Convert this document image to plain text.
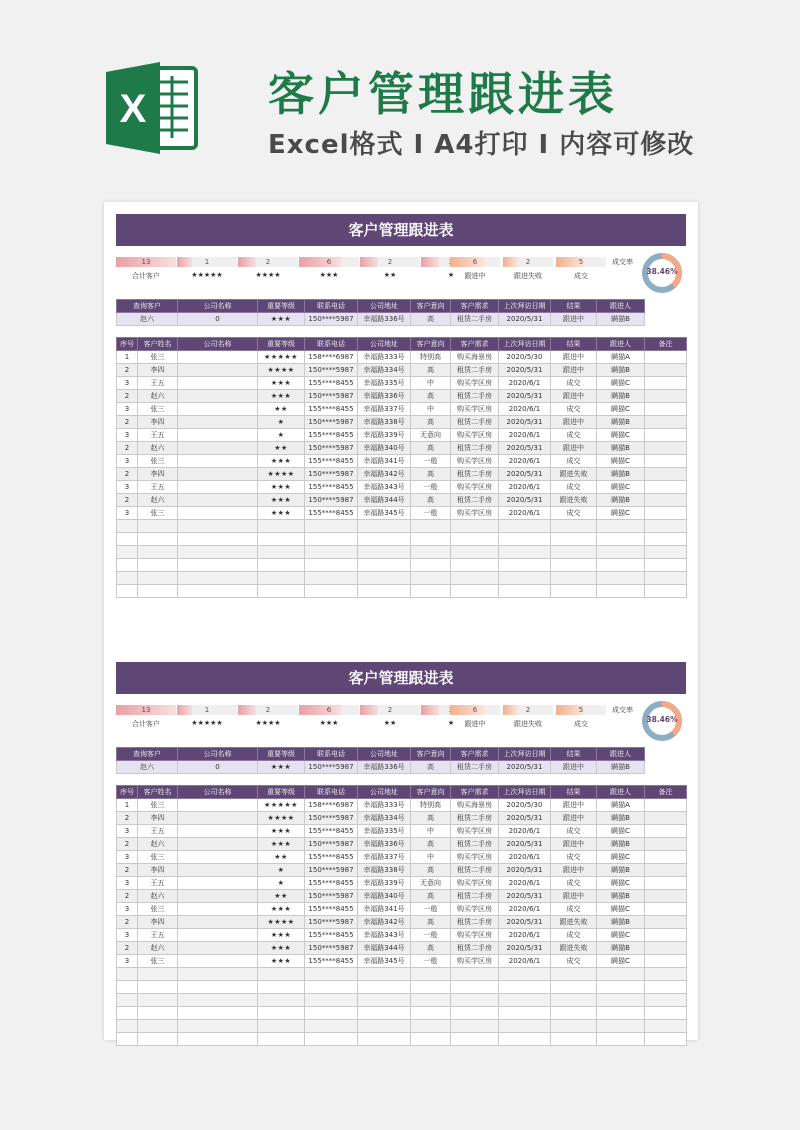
X	客户管理跟进表
Excel格式 I A4打印 I 内容可修改
客户管理跟进表
13
合计客户
1
★★★★★
2
★★★★
6
★★★
2
★★	★
6
跟进中
2
跟进失败
5
成交
成交率
38.46%
查询客户	公司名称	重要等级	联系电话	公司地址	客户意向	客户需求	上次拜访日期	结果	跟进人
赵六	0	★★★	150****5987	幸福路336号	高	租赁二手房	2020/5/31	跟进中	瞒猫B
序号	客户姓名	公司名称	重要等级	联系电话	公司地址	客户意向	客户需求	上次拜访日期	结果	跟进人	备注
1	张三		★★★★★	158****6987	幸福路333号	特别高	购买海景房	2020/5/30	跟进中	瞒猫A	
2	李四		★★★★	150****5987	幸福路334号	高	租赁二手房	2020/5/31	跟进中	瞒猫B	
3	王五		★★★	155****8455	幸福路335号	中	购买学区房	2020/6/1	成交	瞒猫C	
2	赵六		★★★	150****5987	幸福路336号	高	租赁二手房	2020/5/31	跟进中	瞒猫B	
3	张三		★★	155****8455	幸福路337号	中	购买学区房	2020/6/1	成交	瞒猫C	
2	李四		★	150****5987	幸福路338号	高	租赁二手房	2020/5/31	跟进中	瞒猫B	
3	王五		★	155****8455	幸福路339号	无意向	购买学区房	2020/6/1	成交	瞒猫C	
2	赵六		★★	150****5987	幸福路340号	高	租赁二手房	2020/5/31	跟进中	瞒猫B	
3	张三		★★★	155****8455	幸福路341号	一般	购买学区房	2020/6/1	成交	瞒猫C	
2	李四		★★★★	150****5987	幸福路342号	高	租赁二手房	2020/5/31	跟进失败	瞒猫B	
3	王五		★★★	155****8455	幸福路343号	一般	购买学区房	2020/6/1	成交	瞒猫C	
2	赵六		★★★	150****5987	幸福路344号	高	租赁二手房	2020/5/31	跟进失败	瞒猫B	
3	张三		★★★	155****8455	幸福路345号	一般	购买学区房	2020/6/1	成交	瞒猫C	

客户管理跟进表
13
合计客户
1
★★★★★
2
★★★★
6
★★★
2
★★	★
6
跟进中
2
跟进失败
5
成交
成交率
38.46%
查询客户	公司名称	重要等级	联系电话	公司地址	客户意向	客户需求	上次拜访日期	结果	跟进人
赵六	0	★★★	150****5987	幸福路336号	高	租赁二手房	2020/5/31	跟进中	瞒猫B
序号	客户姓名	公司名称	重要等级	联系电话	公司地址	客户意向	客户需求	上次拜访日期	结果	跟进人	备注
1	张三		★★★★★	158****6987	幸福路333号	特别高	购买海景房	2020/5/30	跟进中	瞒猫A	
2	李四		★★★★	150****5987	幸福路334号	高	租赁二手房	2020/5/31	跟进中	瞒猫B	
3	王五		★★★	155****8455	幸福路335号	中	购买学区房	2020/6/1	成交	瞒猫C	
2	赵六		★★★	150****5987	幸福路336号	高	租赁二手房	2020/5/31	跟进中	瞒猫B	
3	张三		★★	155****8455	幸福路337号	中	购买学区房	2020/6/1	成交	瞒猫C	
2	李四		★	150****5987	幸福路338号	高	租赁二手房	2020/5/31	跟进中	瞒猫B	
3	王五		★	155****8455	幸福路339号	无意向	购买学区房	2020/6/1	成交	瞒猫C	
2	赵六		★★	150****5987	幸福路340号	高	租赁二手房	2020/5/31	跟进中	瞒猫B	
3	张三		★★★	155****8455	幸福路341号	一般	购买学区房	2020/6/1	成交	瞒猫C	
2	李四		★★★★	150****5987	幸福路342号	高	租赁二手房	2020/5/31	跟进失败	瞒猫B	
3	王五		★★★	155****8455	幸福路343号	一般	购买学区房	2020/6/1	成交	瞒猫C	
2	赵六		★★★	150****5987	幸福路344号	高	租赁二手房	2020/5/31	跟进失败	瞒猫B	
3	张三		★★★	155****8455	幸福路345号	一般	购买学区房	2020/6/1	成交	瞒猫C	
